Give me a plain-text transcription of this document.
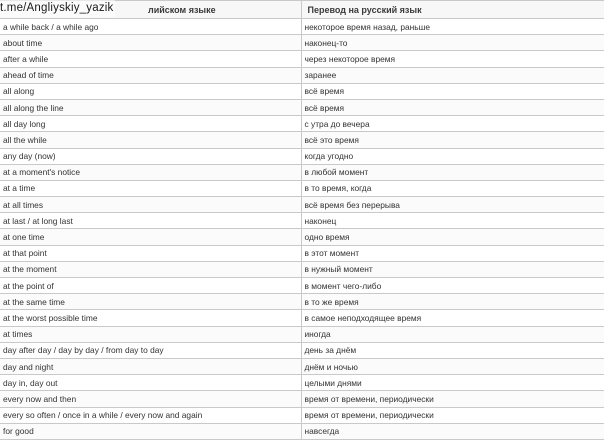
лийском языке	Перевод на русский язык
a while back / a while ago	некоторое время назад, раньше
about time	наконец-то
after a while	через некоторое время
ahead of time	заранее
all along	всё время
all along the line	всё время
all day long	с утра до вечера
all the while	всё это время
any day (now)	когда угодно
at a moment's notice	в любой момент
at a time	в то время, когда
at all times	всё время без перерыва
at last / at long last	наконец
at one time	одно время
at that point	в этот момент
at the moment	в нужный момент
at the point of	в момент чего-либо
at the same time	в то же время
at the worst possible time	в самое неподходящее время
at times	иногда
day after day / day by day / from day to day	день за днём
day and night	днём и ночью
day in, day out	целыми днями
every now and then	время от времени, периодически
every so often / once in a while / every now and again	время от времени, периодически
for good	навсегда
t.me/Angliyskiy_yazik
